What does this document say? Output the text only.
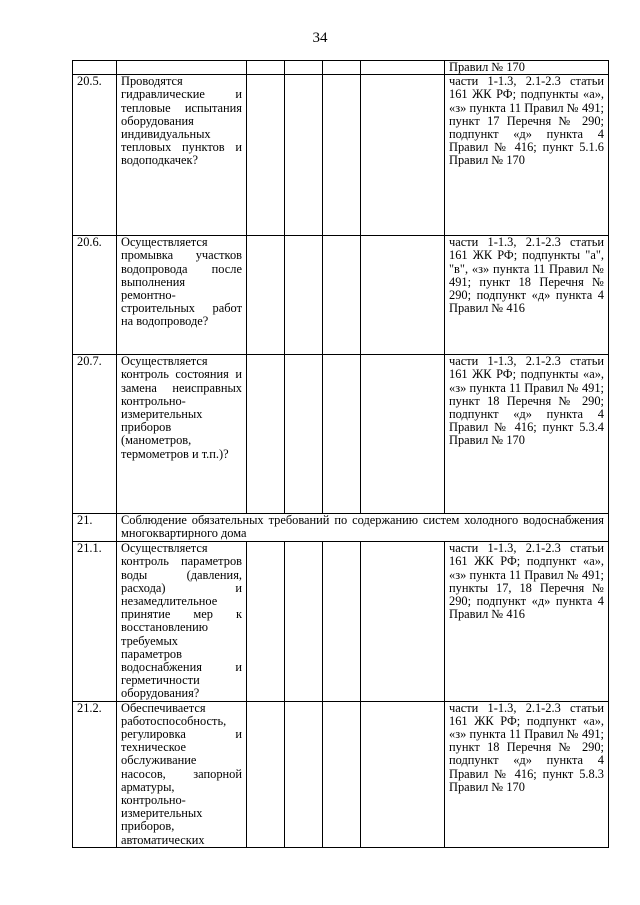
34
						Правил № 170
20.5.	Проводятся гидравлические и тепловые испытания оборудования индивидуальных тепловых пунктов и водоподкачек?					части 1-1.3, 2.1-2.3 статьи 161 ЖК РФ; подпункты «а», «з» пункта 11 Правил № 491; пункт 17 Перечня № 290; подпункт «д» пункта 4 Правил № 416; пункт 5.1.6 Правил № 170
20.6.	Осуществляется промывка участков водопровода после выполнения ремонтно-строительных работ на водопроводе?					части 1-1.3, 2.1-2.3 статьи 161 ЖК РФ; подпункты "а", "в", «з» пункта 11 Правил № 491; пункт 18 Перечня № 290; подпункт «д» пункта 4 Правил № 416
20.7.	Осуществляется контроль состояния и замена неисправных контрольно-измерительных приборов (манометров, термометров и т.п.)?					части 1-1.3, 2.1-2.3 статьи 161 ЖК РФ; подпункты «а», «з» пункта 11 Правил № 491; пункт 18 Перечня № 290; подпункт «д» пункта 4 Правил № 416; пункт 5.3.4 Правил № 170
21.	Соблюдение обязательных требований по содержанию систем холодного водоснабжения многоквартирного дома					
21.1.	Осуществляется контроль параметров воды (давления, расхода) и незамедлительное принятие мер к восстановлению требуемых параметров водоснабжения и герметичности оборудования?					части 1-1.3, 2.1-2.3 статьи 161 ЖК РФ; подпункт «а», «з» пункта 11 Правил № 491; пункты 17, 18 Перечня № 290; подпункт «д» пункта 4 Правил № 416
21.2.	Обеспечивается работоспособность, регулировка и техническое обслуживание насосов, запорной арматуры, контрольно-измерительных приборов, автоматических					части 1-1.3, 2.1-2.3 статьи 161 ЖК РФ; подпункт «а», «з» пункта 11 Правил № 491; пункт 18 Перечня № 290; подпункт «д» пункта 4 Правил № 416; пункт 5.8.3 Правил № 170
